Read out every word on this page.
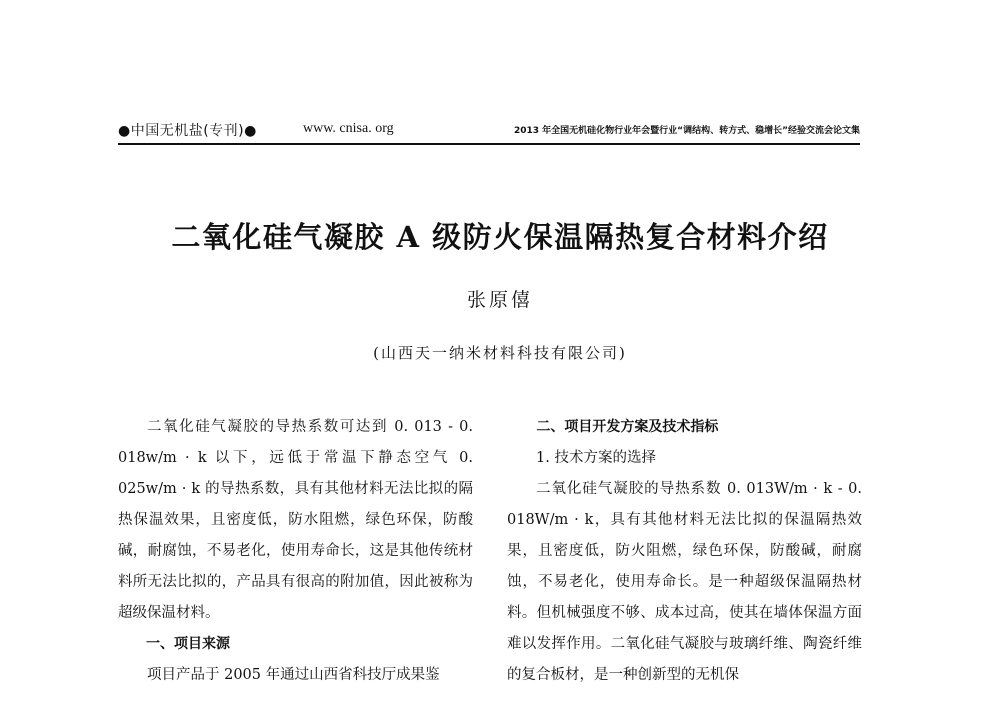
●中国无机盐(专刊)●	www. cnisa. org	2013 年全国无机硅化物行业年会暨行业“调结构、转方式、稳增长”经验交流会论文集
二氧化硅气凝胶 A 级防火保温隔热复合材料介绍
张原僖
(山西天一纳米材料科技有限公司)

二氧化硅气凝胶的导热系数可达到 0. 013 - 0. 018w/m · k 以下，远低于常温下静态空气 0. 025w/m · k 的导热系数，具有其他材料无法比拟的隔热保温效果，且密度低，防水阻燃，绿色环保，防酸碱，耐腐蚀，不易老化，使用寿命长，这是其他传统材料所无法比拟的，产品具有很高的附加值，因此被称为超级保温材料。

一、项目来源

项目产品于 2005 年通过山西省科技厅成果鉴

二、项目开发方案及技术指标

1. 技术方案的选择

二氧化硅气凝胶的导热系数 0. 013W/m · k - 0. 018W/m · k，具有其他材料无法比拟的保温隔热效果，且密度低，防火阻燃，绿色环保，防酸碱，耐腐蚀，不易老化，使用寿命长。是一种超级保温隔热材料。但机械强度不够、成本过高，使其在墙体保温方面难以发挥作用。二氧化硅气凝胶与玻璃纤维、陶瓷纤维的复合板材，是一种创新型的无机保
